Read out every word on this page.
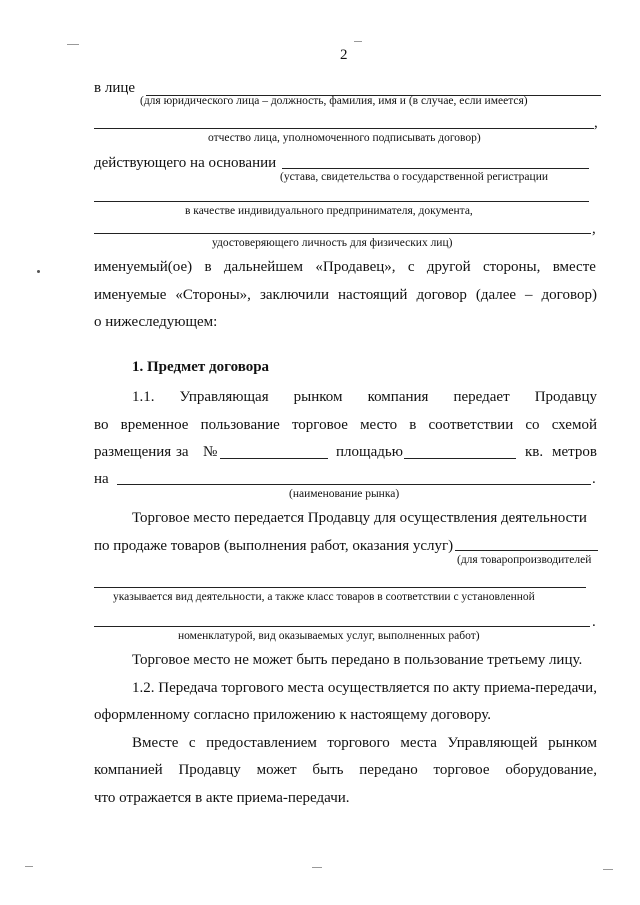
2
в лице
(для юридического лица – должность, фамилия, имя и (в случае, если имеется)
,
отчество лица, уполномоченного подписывать договор)
действующего на основании
(устава, свидетельства о государственной регистрации
в качестве индивидуального предпринимателя, документа,
,
удостоверяющего личность для физических лиц)
именуемый(ое) в дальнейшем «Продавец», с другой стороны, вместе
именуемые «Стороны», заключили настоящий договор (далее – договор)
о нижеследующем:
1. Предмет договора
1.1. Управляющая рынком компания передает Продавцу
во временное пользование торговое место в соответствии со схемой
размещения за №	площадью	кв. метров
на	.
(наименование рынка)
Торговое место передается Продавцу для осуществления деятельности
по продаже товаров (выполнения работ, оказания услуг)
(для товаропроизводителей
указывается вид деятельности, а также класс товаров в соответствии с установленной
.
номенклатурой, вид оказываемых услуг, выполненных работ)
Торговое место не может быть передано в пользование третьему лицу.
1.2. Передача торгового места осуществляется по акту приема-передачи,
оформленному согласно приложению к настоящему договору.
Вместе с предоставлением торгового места Управляющей рынком
компанией Продавцу может быть передано торговое оборудование,
что отражается в акте приема-передачи.
